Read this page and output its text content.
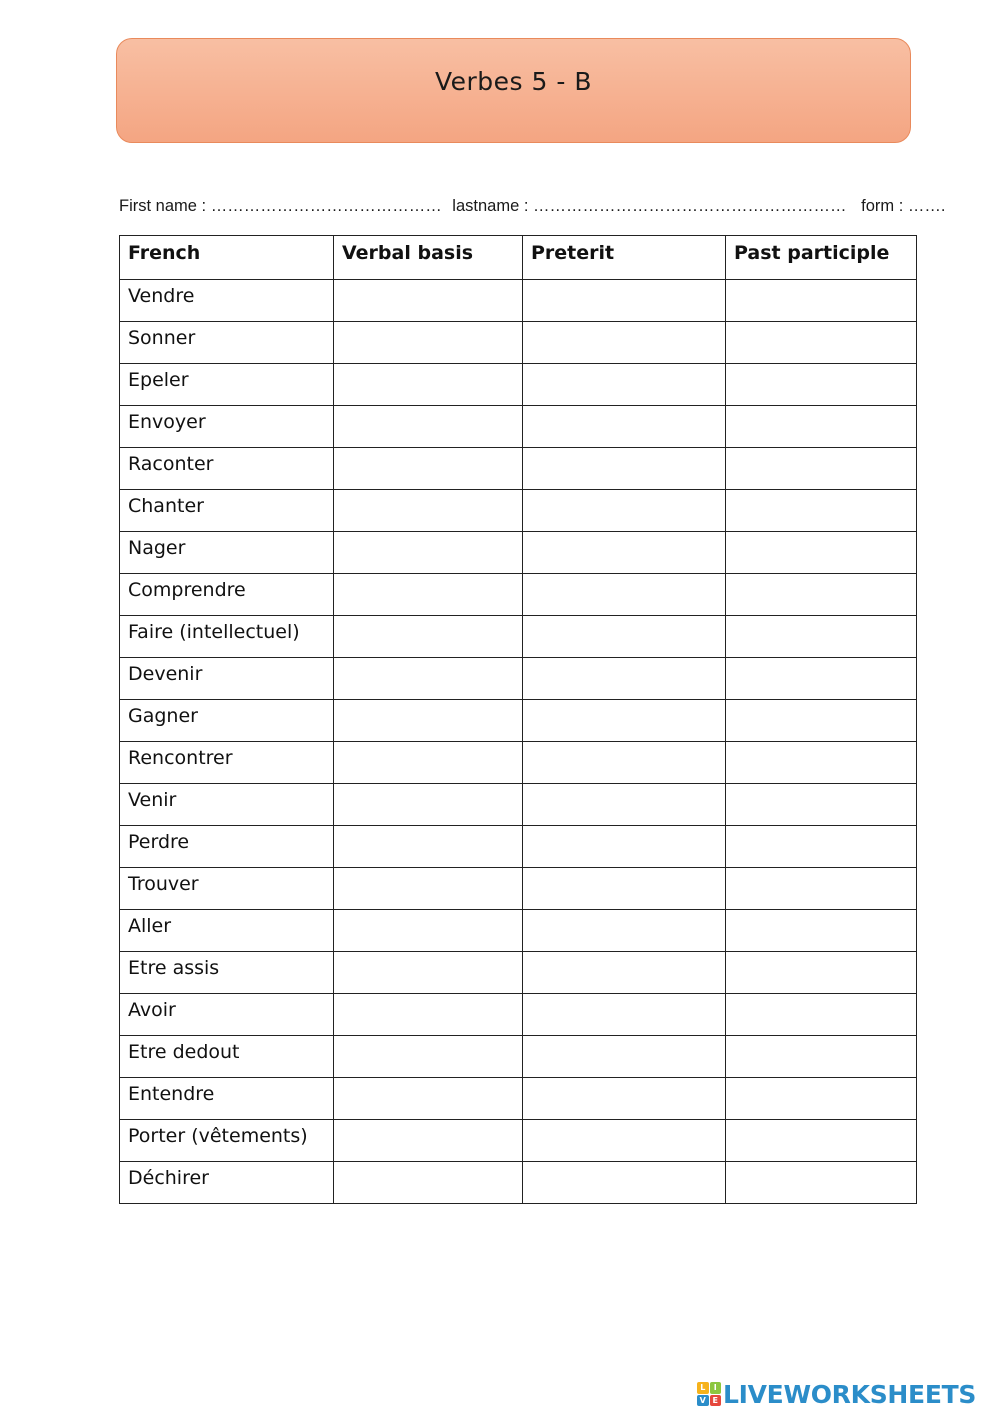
Verbes 5 - B
First name : …………………………………… lastname : ………………………………………………… form : …….
French	Verbal basis	Preterit	Past participle
Vendre			
Sonner			
Epeler			
Envoyer			
Raconter			
Chanter			
Nager			
Comprendre			
Faire (intellectuel)			
Devenir			
Gagner			
Rencontrer			
Venir			
Perdre			
Trouver			
Aller			
Etre assis			
Avoir			
Etre dedout			
Entendre			
Porter (vêtements)			
Déchirer			
L	I
V E LIVEWORKSHEETS
